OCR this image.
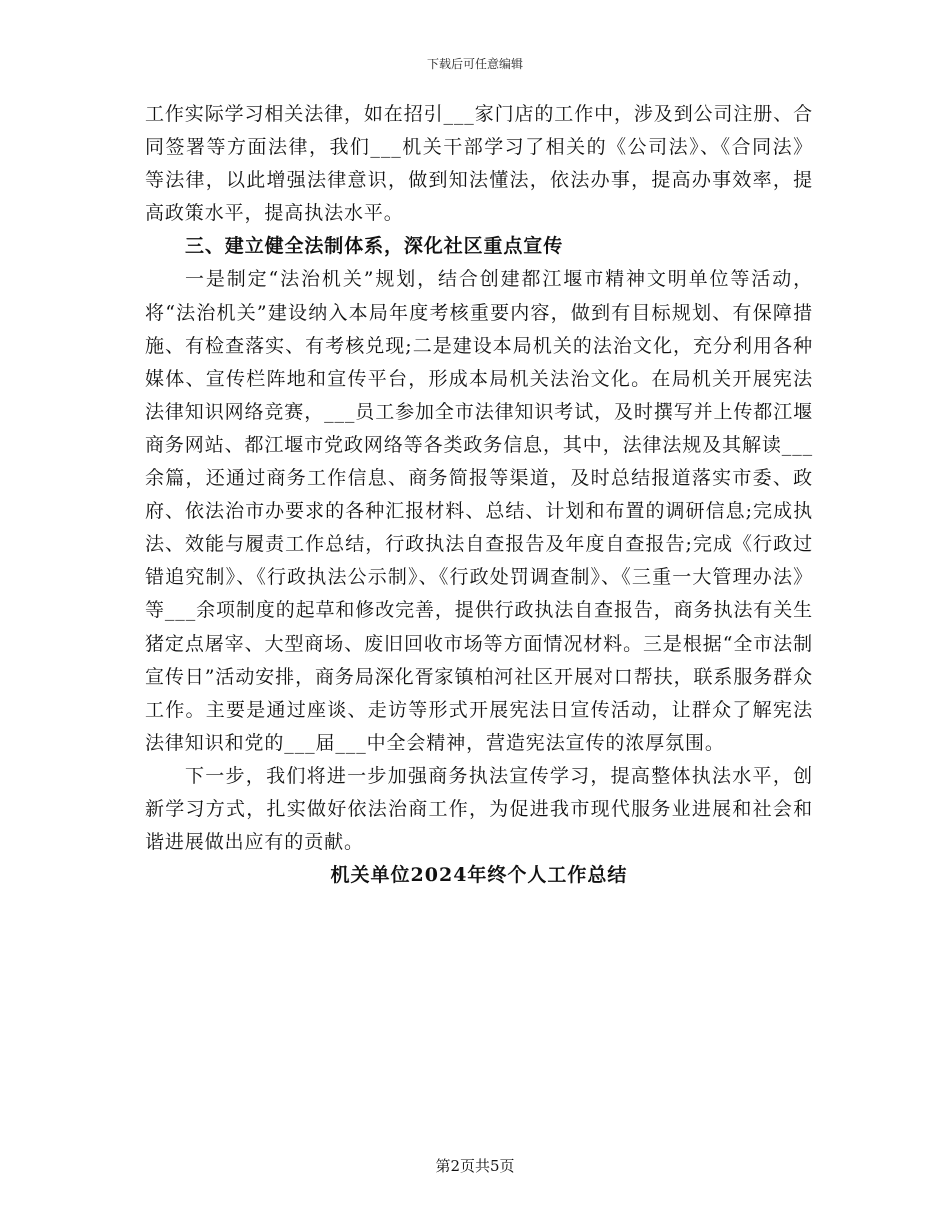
下载后可任意编辑

工作实际学习相关法律，如在招引___家门店的工作中，涉及到公司注册、合同签署等方面法律，我们___机关干部学习了相关的《公司法》、《合同法》等法律，以此增强法律意识，做到知法懂法，依法办事，提高办事效率，提高政策水平，提高执法水平。

三、建立健全法制体系，深化社区重点宣传

一是制定“法治机关”规划，结合创建都江堰市精神文明单位等活动，将“法治机关”建设纳入本局年度考核重要内容，做到有目标规划、有保障措施、有检查落实、有考核兑现;二是建设本局机关的法治文化，充分利用各种媒体、宣传栏阵地和宣传平台，形成本局机关法治文化。在局机关开展宪法法律知识网络竞赛，___员工参加全市法律知识考试，及时撰写并上传都江堰商务网站、都江堰市党政网络等各类政务信息，其中，法律法规及其解读___余篇，还通过商务工作信息、商务简报等渠道，及时总结报道落实市委、政府、依法治市办要求的各种汇报材料、总结、计划和布置的调研信息;完成执法、效能与履责工作总结，行政执法自查报告及年度自查报告;完成《行政过错追究制》、《行政执法公示制》、《行政处罚调查制》、《三重一大管理办法》等___余项制度的起草和修改完善，提供行政执法自查报告，商务执法有关生猪定点屠宰、大型商场、废旧回收市场等方面情况材料。三是根据“全市法制宣传日”活动安排，商务局深化胥家镇柏河社区开展对口帮扶，联系服务群众工作。主要是通过座谈、走访等形式开展宪法日宣传活动，让群众了解宪法法律知识和党的___届___中全会精神，营造宪法宣传的浓厚氛围。

下一步，我们将进一步加强商务执法宣传学习，提高整体执法水平，创新学习方式，扎实做好依法治商工作，为促进我市现代服务业进展和社会和谐进展做出应有的贡献。

机关单位2024年终个人工作总结

第2页共5页
